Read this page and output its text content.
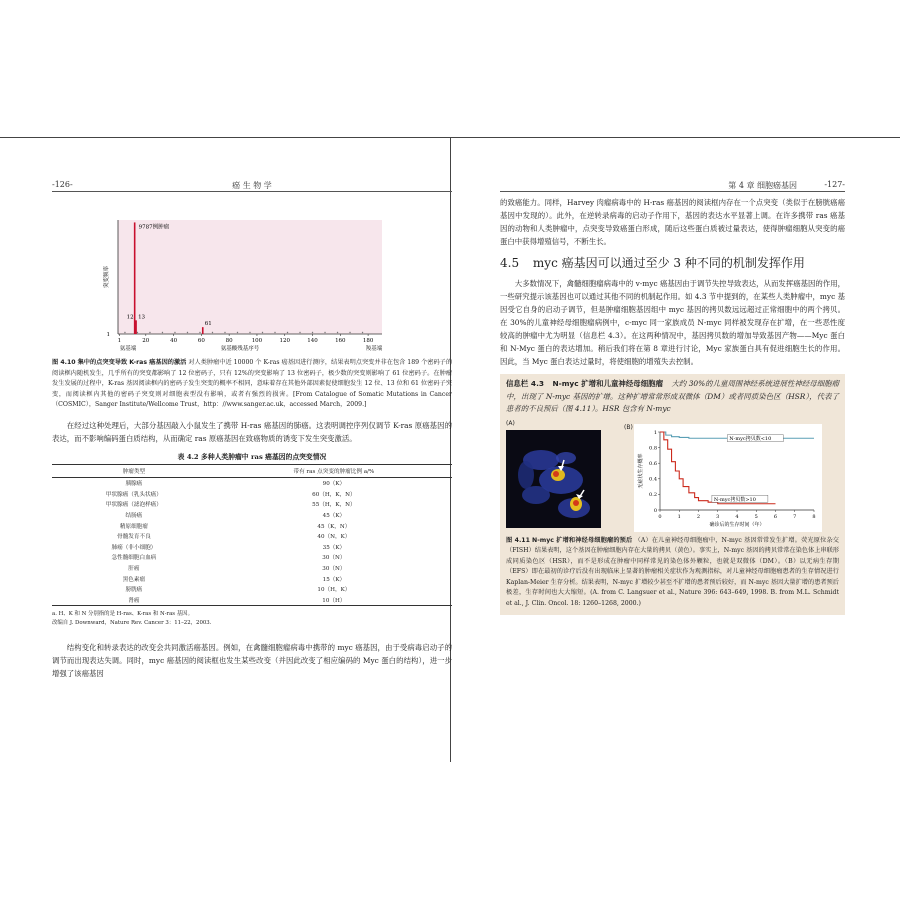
-126-	癌 生 物 学
1
突变频率
1	20	40	60	80	100	120	140	160	180
9787例肿瘤
13
61
12
氨基端	氨基酸残基序号	羧基端

图 4.10 集中的点突变导致 K-ras 癌基因的激活 对人类肿瘤中近 10000 个 K-ras 癌基因进行测序，结果表明点突变并非在包含 189 个密码子的阅读框内随机发生，几乎所有的突变都影响了 12 位密码子，只有 12%的突变影响了 13 位密码子，极少数的突变则影响了 61 位密码子。在肿瘤发生发展的过程中，K-ras 基因阅读框内的密码子发生突变的概率不相同，意味着存在其他外部因素促使细胞发生 12 位、13 位和 61 位密码子突变，而阅读框内其他的密码子突变则对细胞表型没有影响，或者有强烈的损害。[From Catalogue of Somatic Mutations in Cancer（COSMIC），Sanger Institute/Wellcome Trust，http：//www.sanger.ac.uk，accessed March，2009.]

在经过这种处理后，大部分基因敲入小鼠发生了携带 H-ras 癌基因的肺癌。这表明调控序列仅调节 K-ras 原癌基因的表达，而不影响编码蛋白质结构，从而确定 ras 原癌基因在致癌物质的诱变下发生突变激活。

表 4.2 多种人类肿瘤中 ras 癌基因的点突变情况
肿瘤类型	带有 ras 点突变的肿瘤比例 a/%
胰腺癌	90（K）
甲状腺癌（乳头状癌）	60（H，K，N）
甲状腺癌（滤泡样癌）	55（H，K，N）
结肠癌	45（K）
精原细胞瘤	45（K，N）
骨髓发育不良	40（N，K）
肺癌（非小细胞）	35（K）
急性髓细胞白血病	30（N）
肝癌	30（N）
黑色素瘤	15（K）
膀胱癌	10（H，K）
肾癌	10（H）

a. H、K 和 N 分别指的是 H-ras、K-ras 和 N-ras 基因。

改编自 J. Downward，Nature Rev. Cancer 3：11–22，2003.

结构变化和转录表达的改变会共同激活癌基因。例如，在禽髓细胞瘤病毒中携带的 myc 癌基因，由于受病毒启动子的调节而出现表达失调。同时，myc 癌基因的阅读框也发生某些改变（并因此改变了相应编码的 Myc 蛋白的结构），进一步增强了该癌基因

第 4 章 细胞癌基因	-127-

的致癌能力。同样，Harvey 肉瘤病毒中的 H-ras 癌基因的阅读框内存在一个点突变（类似于在膀胱癌癌基因中发现的）。此外，在逆转录病毒的启动子作用下，基因的表达水平显著上调。在许多携带 ras 癌基因的动物和人类肿瘤中，点突变导致癌蛋白形成，随后这些蛋白质被过量表达，使得肿瘤细胞从突变的癌蛋白中获得增殖信号，不断生长。

4.5 myc 癌基因可以通过至少 3 种不同的机制发挥作用

大多数情况下，禽髓细胞瘤病毒中的 v-myc 癌基因由于调节失控导致表达，从而发挥癌基因的作用，一些研究提示该基因也可以通过其他不同的机制起作用。如 4.3 节中提到的，在某些人类肿瘤中，myc 基因受它自身的启动子调节，但是肿瘤细胞基因组中 myc 基因的拷贝数远远超过正常细胞中的两个拷贝。在 30%的儿童神经母细胞瘤病例中，c-myc 同一家族成员 N-myc 同样被发现存在扩增，在一些恶性度较高的肿瘤中尤为明显（信息栏 4.3）。在这两种情况中，基因拷贝数的增加导致基因产物——Myc 蛋白和 N-Myc 蛋白的表达增加。稍后我们将在第 8 章进行讨论，Myc 家族蛋白具有促进细胞生长的作用。因此，当 Myc 蛋白表达过量时，将使细胞的增殖失去控制。

信息栏 4.3 N-myc 扩增和儿童神经母细胞瘤 大约 30%的儿童周围神经系统进展性神经母细胞瘤中，出现了 N-myc 基因的扩增。这种扩增常常形成双微体（DM）或者同质染色区（HSR），代表了患者的不良预后（图 4.11）。HSR 包含有 N-myc

(A)
(B)
0
0.2
0.4
0.6
0.8
1
0	1	2	3	4	5	6	7	8
无症状生存概率
确诊后的生存时间（年）
N-myc拷贝数<10
N-myc拷贝数>10

图 4.11 N-myc 扩增和神经母细胞瘤的预后 （A）在儿童神经母细胞瘤中，N-myc 基因常常发生扩增。荧光原位杂交（FISH）结果表明，这个基因在肿瘤细胞内存在大量的拷贝（黄色）。事实上，N-myc 基因的拷贝常常在染色体上串联形成同质染色区（HSR），而不是形成在肿瘤中同样常见的染色体外颗粒，也就是双微体（DM）。（B）以无病生存期（EFS）即在最初的诊疗后没有出现临床上显著的肿瘤相关症状作为观测指标，对儿童神经母细胞瘤患者的生存情况进行 Kaplan-Meier 生存分析。结果表明，N-myc 扩增较少甚至不扩增的患者预后较好，而 N-myc 基因大量扩增的患者预后极差，生存时间也大大缩短。(A. from C. Langsuer et al., Nature 396: 643–649, 1998. B. from M.L. Schmidt et al., J. Clin. Oncol. 18: 1260–1268, 2000.)
